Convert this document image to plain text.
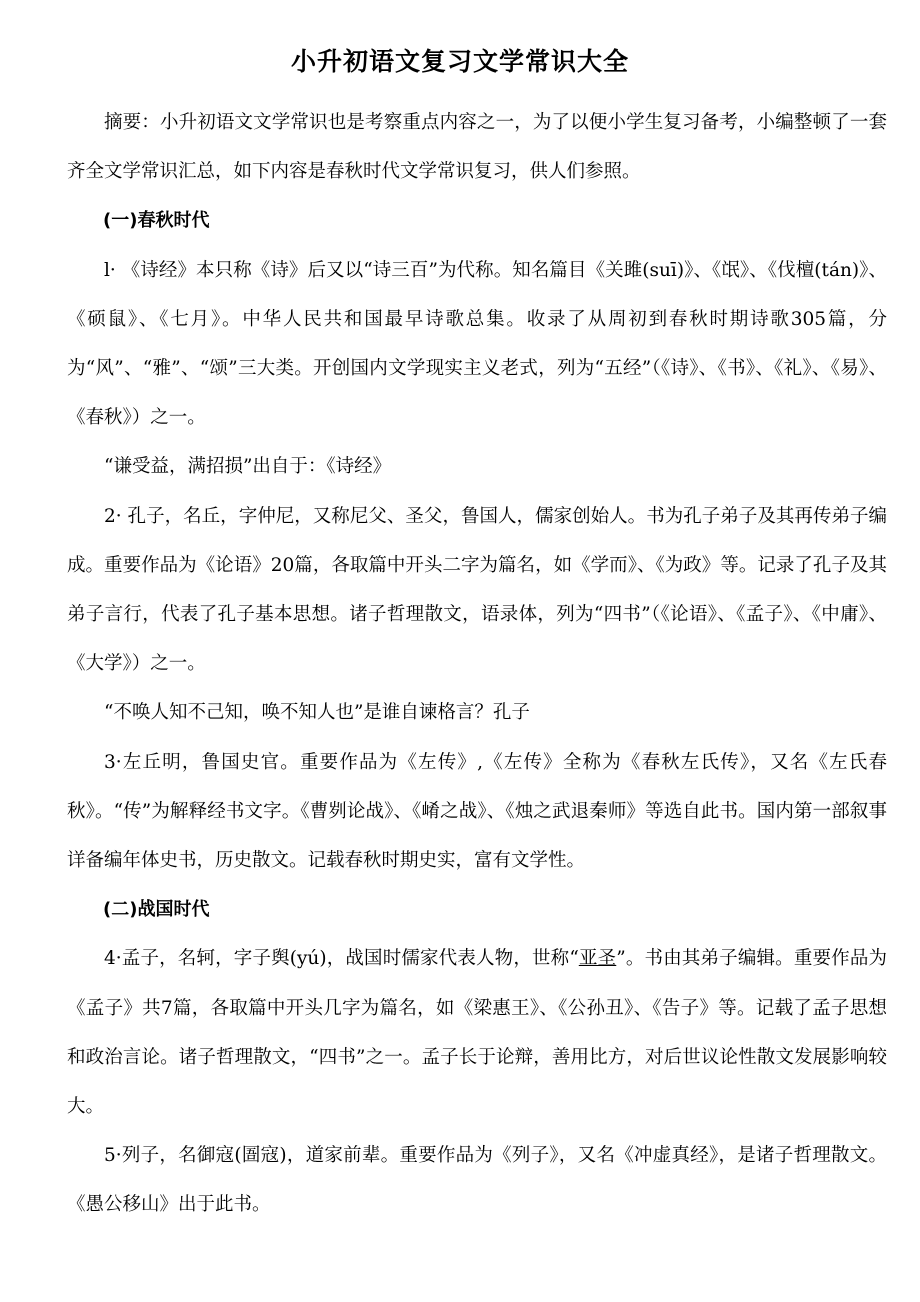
小升初语文复习文学常识大全

摘要：小升初语文文学常识也是考察重点内容之一，为了以便小学生复习备考，小编整顿了一套齐全文学常识汇总，如下内容是春秋时代文学常识复习，供人们参照。

(一)春秋时代

l· 《诗经》本只称《诗》后又以“诗三百”为代称。知名篇目《关雎(suī)》、《氓》、《伐檀(tán)》、《硕鼠》、《七月》。中华人民共和国最早诗歌总集。收录了从周初到春秋时期诗歌305篇，分为“风”、“雅”、“颂”三大类。开创国内文学现实主义老式，列为“五经”（《诗》、《书》、《礼》、《易》、《春秋》）之一。

“谦受益，满招损”出自于：《诗经》

2· 孔子，名丘，字仲尼，又称尼父、圣父，鲁国人，儒家创始人。书为孔子弟子及其再传弟子编成。重要作品为《论语》20篇，各取篇中开头二字为篇名，如《学而》、《为政》等。记录了孔子及其弟子言行，代表了孔子基本思想。诸子哲理散文，语录体，列为“四书”（《论语》、《孟子》、《中庸》、《大学》）之一。

“不唤人知不己知，唤不知人也”是谁自谏格言？孔子

3·左丘明，鲁国史官。重要作品为《左传》,《左传》全称为《春秋左氏传》，又名《左氏春秋》。“传”为解释经书文字。《曹刿论战》、《崤之战》、《烛之武退秦师》等选自此书。国内第一部叙事详备编年体史书，历史散文。记载春秋时期史实，富有文学性。

(二)战国时代

4·孟子，名轲，字子舆(yú)，战国时儒家代表人物，世称“亚圣”。书由其弟子编辑。重要作品为《孟子》共7篇，各取篇中开头几字为篇名，如《梁惠王》、《公孙丑》、《告子》等。记载了孟子思想和政治言论。诸子哲理散文，“四书”之一。孟子长于论辩，善用比方，对后世议论性散文发展影响较大。

5·列子，名御寇(圄寇)，道家前辈。重要作品为《列子》，又名《冲虚真经》，是诸子哲理散文。《愚公移山》出于此书。
